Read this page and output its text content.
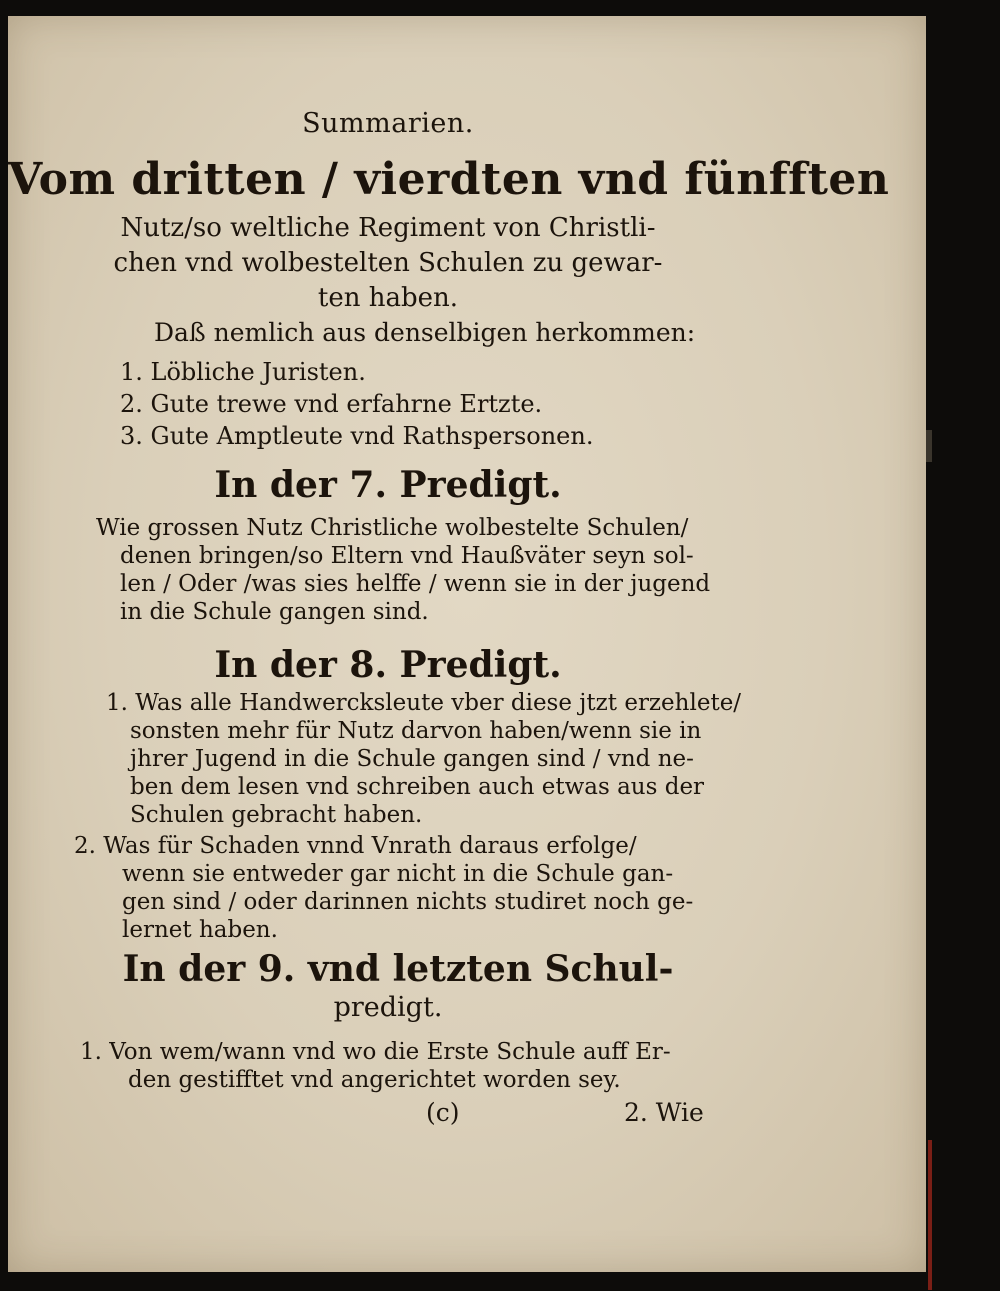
Summarien.
Vom dritten / vierdten vnd fünfften
Nutz/so weltliche Regiment von Christli-
chen vnd wolbestelten Schulen zu gewar-
ten haben.
Daß nemlich aus denselbigen herkommen:
1. Löbliche Juristen.
2. Gute trewe vnd erfahrne Ertzte.
3. Gute Amptleute vnd Rathspersonen.
In der 7. Predigt.

Wie grossen Nutz Christliche wolbestelte Schulen/

denen bringen/so Eltern vnd Haußväter seyn sol-

len / Oder /was sies helffe / wenn sie in der jugend

in die Schule gangen sind.

In der 8. Predigt.

1. Was alle Handwercksleute vber diese jtzt erzehlete/

sonsten mehr für Nutz darvon haben/wenn sie in

jhrer Jugend in die Schule gangen sind / vnd ne-

ben dem lesen vnd schreiben auch etwas aus der

Schulen gebracht haben.

2. Was für Schaden vnnd Vnrath daraus erfolge/

wenn sie entweder gar nicht in die Schule gan-

gen sind / oder darinnen nichts studiret noch ge-

lernet haben.

In der 9. vnd letzten Schul-
predigt.

1. Von wem/wann vnd wo die Erste Schule auff Er-

den gestifftet vnd angerichtet worden sey.

(c)	2. Wie
